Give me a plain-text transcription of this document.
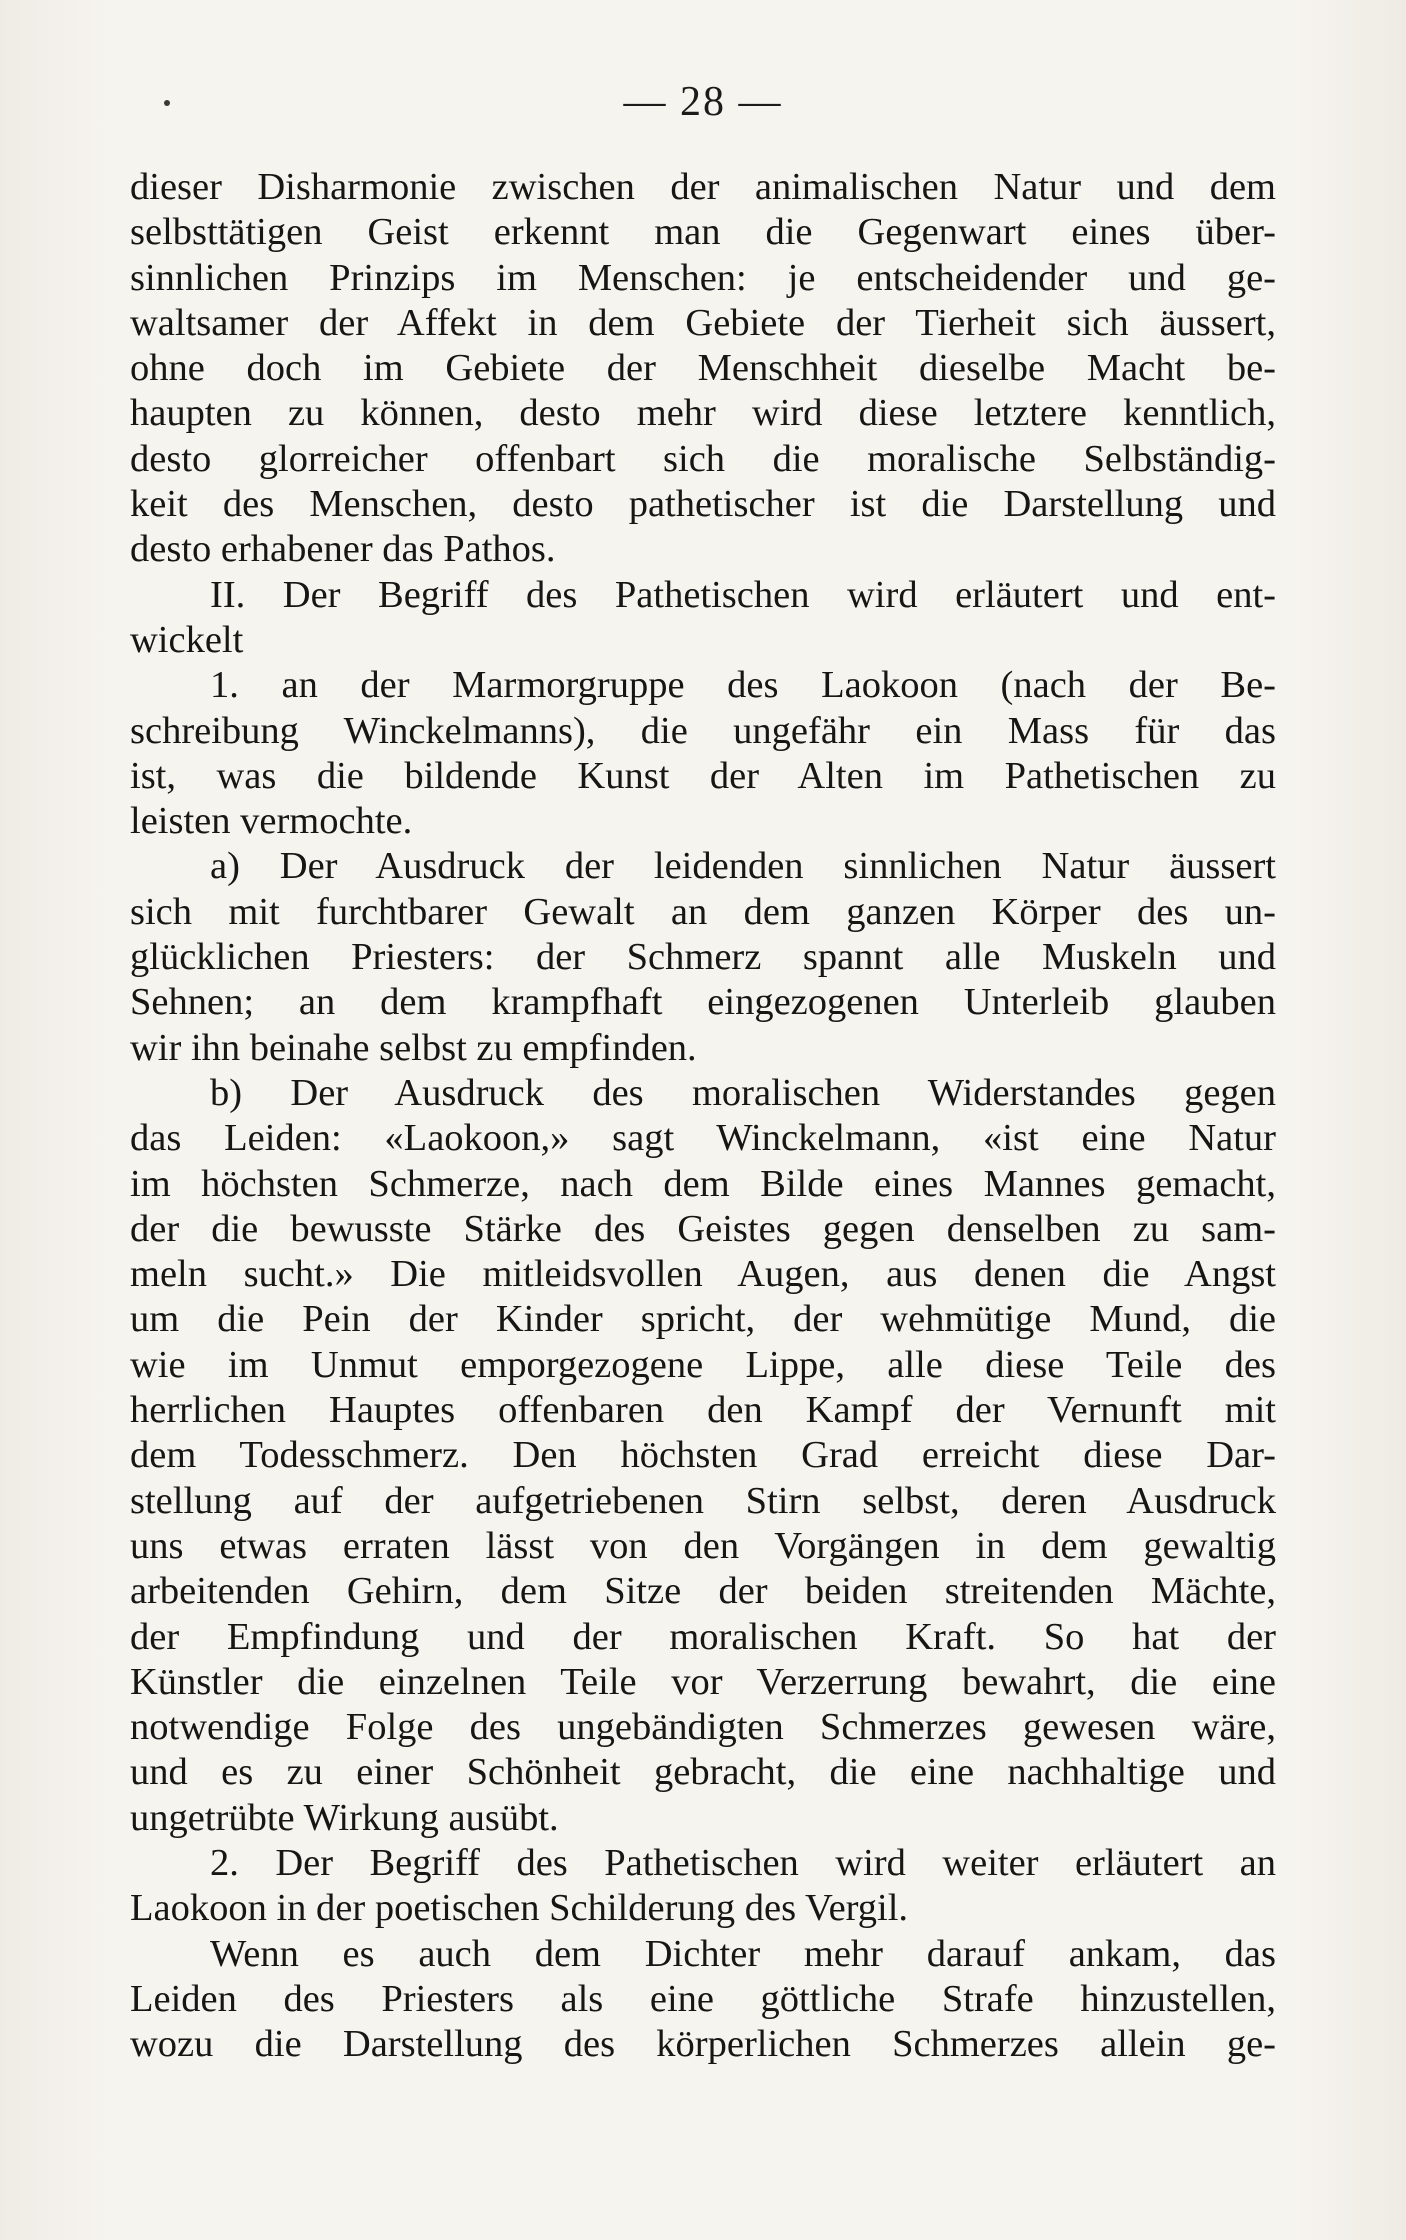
— 28 —
dieser Disharmonie zwischen der animalischen Natur und dem
selbsttätigen Geist erkennt man die Gegenwart eines über-
sinnlichen Prinzips im Menschen: je entscheidender und ge-
waltsamer der Affekt in dem Gebiete der Tierheit sich äussert,
ohne doch im Gebiete der Menschheit dieselbe Macht be-
haupten zu können, desto mehr wird diese letztere kenntlich,
desto glorreicher offenbart sich die moralische Selbständig-
keit des Menschen, desto pathetischer ist die Darstellung und
desto erhabener das Pathos.
II. Der Begriff des Pathetischen wird erläutert und ent-
wickelt
1. an der Marmorgruppe des Laokoon (nach der Be-
schreibung Winckelmanns), die ungefähr ein Mass für das
ist, was die bildende Kunst der Alten im Pathetischen zu
leisten vermochte.
a) Der Ausdruck der leidenden sinnlichen Natur äussert
sich mit furchtbarer Gewalt an dem ganzen Körper des un-
glücklichen Priesters: der Schmerz spannt alle Muskeln und
Sehnen; an dem krampfhaft eingezogenen Unterleib glauben
wir ihn beinahe selbst zu empfinden.
b) Der Ausdruck des moralischen Widerstandes gegen
das Leiden: «Laokoon,» sagt Winckelmann, «ist eine Natur
im höchsten Schmerze, nach dem Bilde eines Mannes gemacht,
der die bewusste Stärke des Geistes gegen denselben zu sam-
meln sucht.» Die mitleidsvollen Augen, aus denen die Angst
um die Pein der Kinder spricht, der wehmütige Mund, die
wie im Unmut emporgezogene Lippe, alle diese Teile des
herrlichen Hauptes offenbaren den Kampf der Vernunft mit
dem Todesschmerz. Den höchsten Grad erreicht diese Dar-
stellung auf der aufgetriebenen Stirn selbst, deren Ausdruck
uns etwas erraten lässt von den Vorgängen in dem gewaltig
arbeitenden Gehirn, dem Sitze der beiden streitenden Mächte,
der Empfindung und der moralischen Kraft. So hat der
Künstler die einzelnen Teile vor Verzerrung bewahrt, die eine
notwendige Folge des ungebändigten Schmerzes gewesen wäre,
und es zu einer Schönheit gebracht, die eine nachhaltige und
ungetrübte Wirkung ausübt.
2. Der Begriff des Pathetischen wird weiter erläutert an
Laokoon in der poetischen Schilderung des Vergil.
Wenn es auch dem Dichter mehr darauf ankam, das
Leiden des Priesters als eine göttliche Strafe hinzustellen,
wozu die Darstellung des körperlichen Schmerzes allein ge-
